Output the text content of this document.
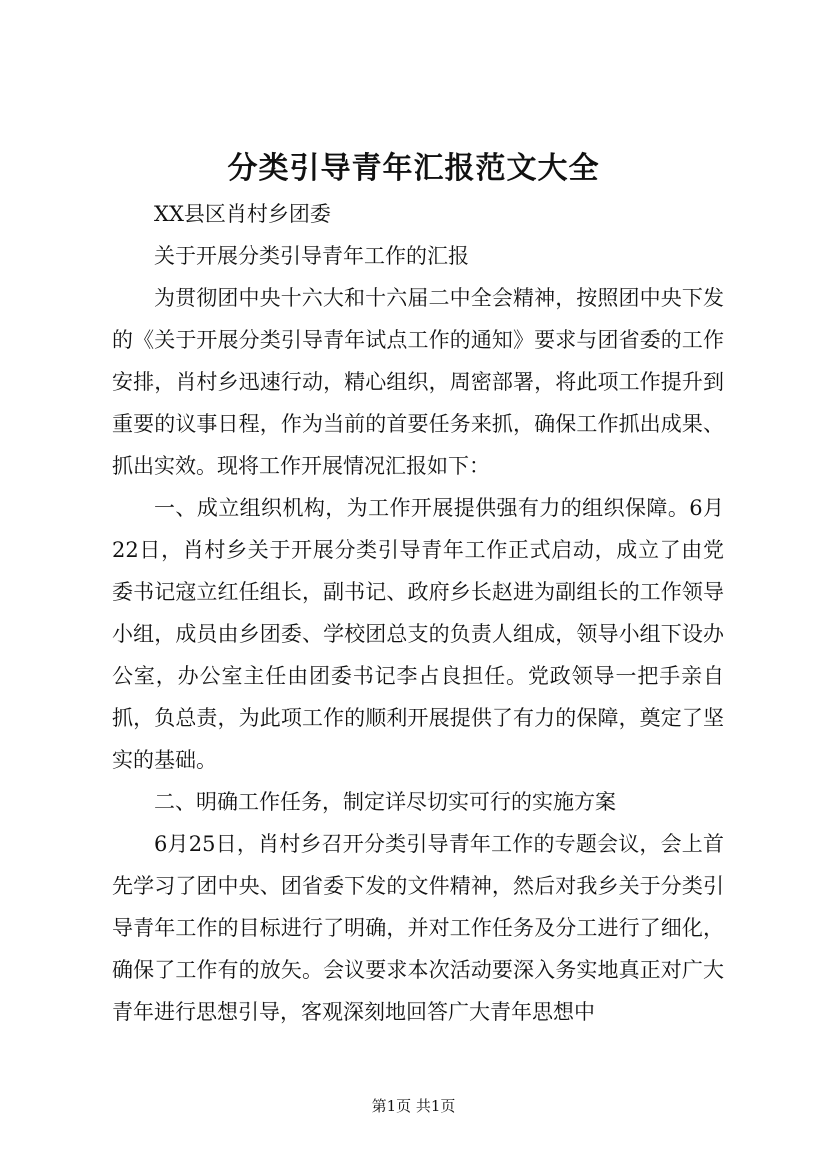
分类引导青年汇报范文大全

XX县区肖村乡团委

关于开展分类引导青年工作的汇报

为贯彻团中央十六大和十六届二中全会精神，按照团中央下发的《关于开展分类引导青年试点工作的通知》要求与团省委的工作安排，肖村乡迅速行动，精心组织，周密部署，将此项工作提升到重要的议事日程，作为当前的首要任务来抓，确保工作抓出成果、抓出实效。现将工作开展情况汇报如下：

一、成立组织机构，为工作开展提供强有力的组织保障。6月22日，肖村乡关于开展分类引导青年工作正式启动，成立了由党委书记寇立红任组长，副书记、政府乡长赵进为副组长的工作领导小组，成员由乡团委、学校团总支的负责人组成，领导小组下设办公室，办公室主任由团委书记李占良担任。党政领导一把手亲自抓，负总责，为此项工作的顺利开展提供了有力的保障，奠定了坚实的基础。

二、明确工作任务，制定详尽切实可行的实施方案

6月25日，肖村乡召开分类引导青年工作的专题会议，会上首先学习了团中央、团省委下发的文件精神，然后对我乡关于分类引导青年工作的目标进行了明确，并对工作任务及分工进行了细化，确保了工作有的放矢。会议要求本次活动要深入务实地真正对广大青年进行思想引导，客观深刻地回答广大青年思想中

第1页 共1页
